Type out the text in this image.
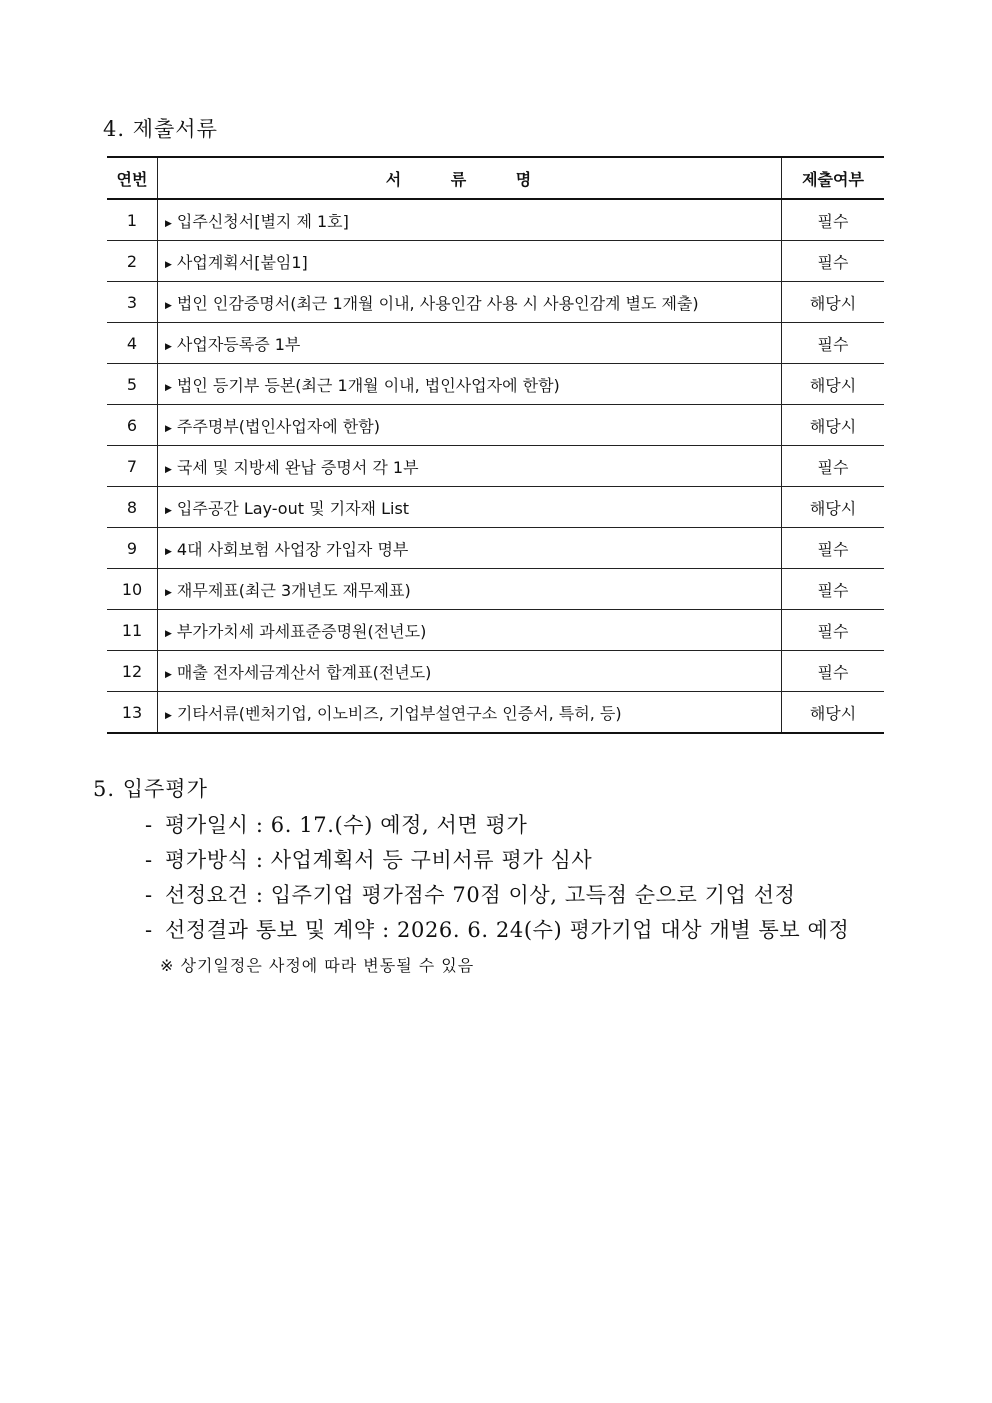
4. 제출서류
연번	서 류 명	제출여부
1	▶ 입주신청서[별지 제 1호]	필수
2	▶ 사업계획서[붙임1]	필수
3	▶ 법인 인감증명서(최근 1개월 이내, 사용인감 사용 시 사용인감계 별도 제출)	해당시
4	▶ 사업자등록증 1부	필수
5	▶ 법인 등기부 등본(최근 1개월 이내, 법인사업자에 한함)	해당시
6	▶ 주주명부(법인사업자에 한함)	해당시
7	▶ 국세 및 지방세 완납 증명서 각 1부	필수
8	▶ 입주공간 Lay-out 및 기자재 List	해당시
9	▶ 4대 사회보험 사업장 가입자 명부	필수
10	▶ 재무제표(최근 3개년도 재무제표)	필수
11	▶ 부가가치세 과세표준증명원(전년도)	필수
12	▶ 매출 전자세금계산서 합계표(전년도)	필수
13	▶ 기타서류(벤처기업, 이노비즈, 기업부설연구소 인증서, 특허, 등)	해당시
5. 입주평가
- 평가일시 : 6. 17.(수) 예정, 서면 평가
- 평가방식 : 사업계획서 등 구비서류 평가 심사
- 선정요건 : 입주기업 평가점수 70점 이상, 고득점 순으로 기업 선정
- 선정결과 통보 및 계약 : 2026. 6. 24(수) 평가기업 대상 개별 통보 예정
※ 상기일정은 사정에 따라 변동될 수 있음
